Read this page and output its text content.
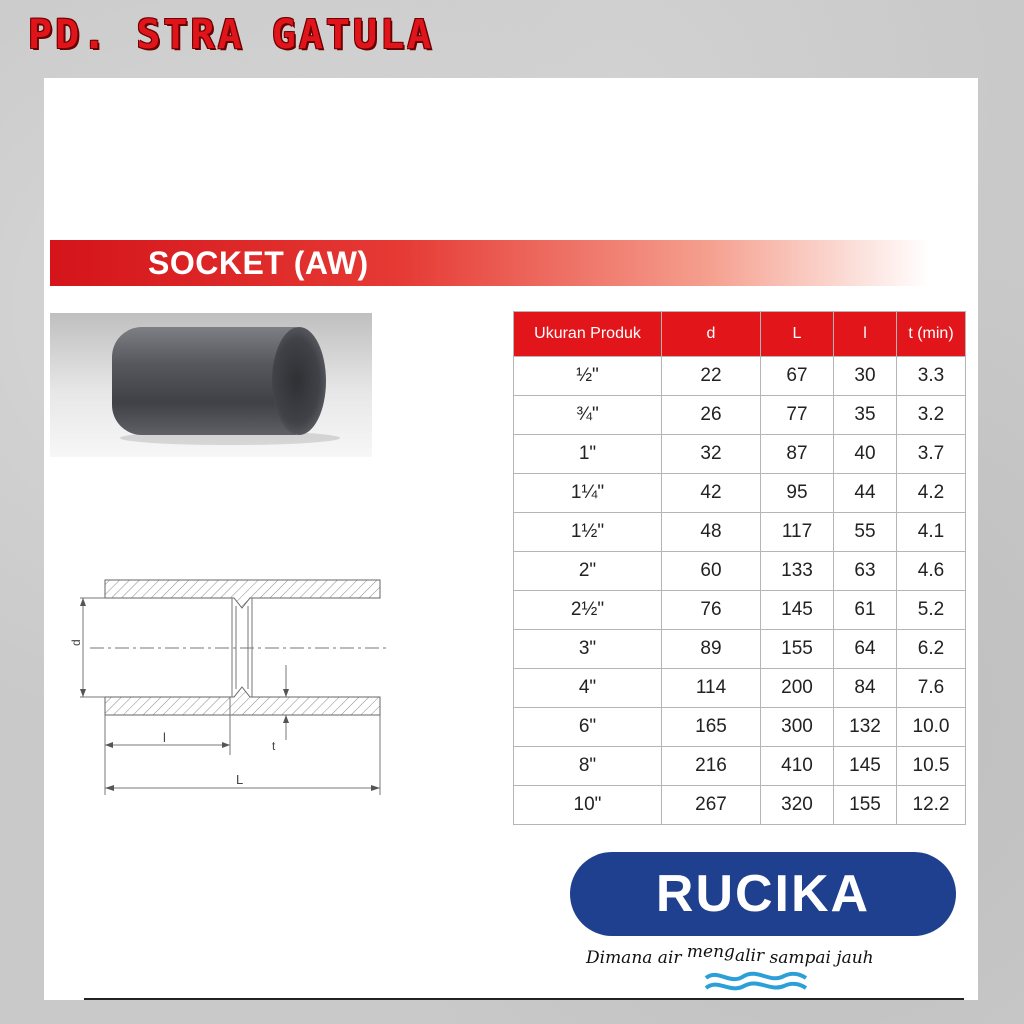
PD. STRA GATULA
SOCKET (AW)
d
l
t
L
Ukuran Produk	d	L	l	t (min)
½"	22	67	30	3.3
¾"	26	77	35	3.2
1"	32	87	40	3.7
1¼"	42	95	44	4.2
1½"	48	117	55	4.1
2"	60	133	63	4.6
2½"	76	145	61	5.2
3"	89	155	64	6.2
4"	114	200	84	7.6
6"	165	300	132	10.0
8"	216	410	145	10.5
10"	267	320	155	12.2
RUCIKA
Dimana air mengalir sampai jauh
